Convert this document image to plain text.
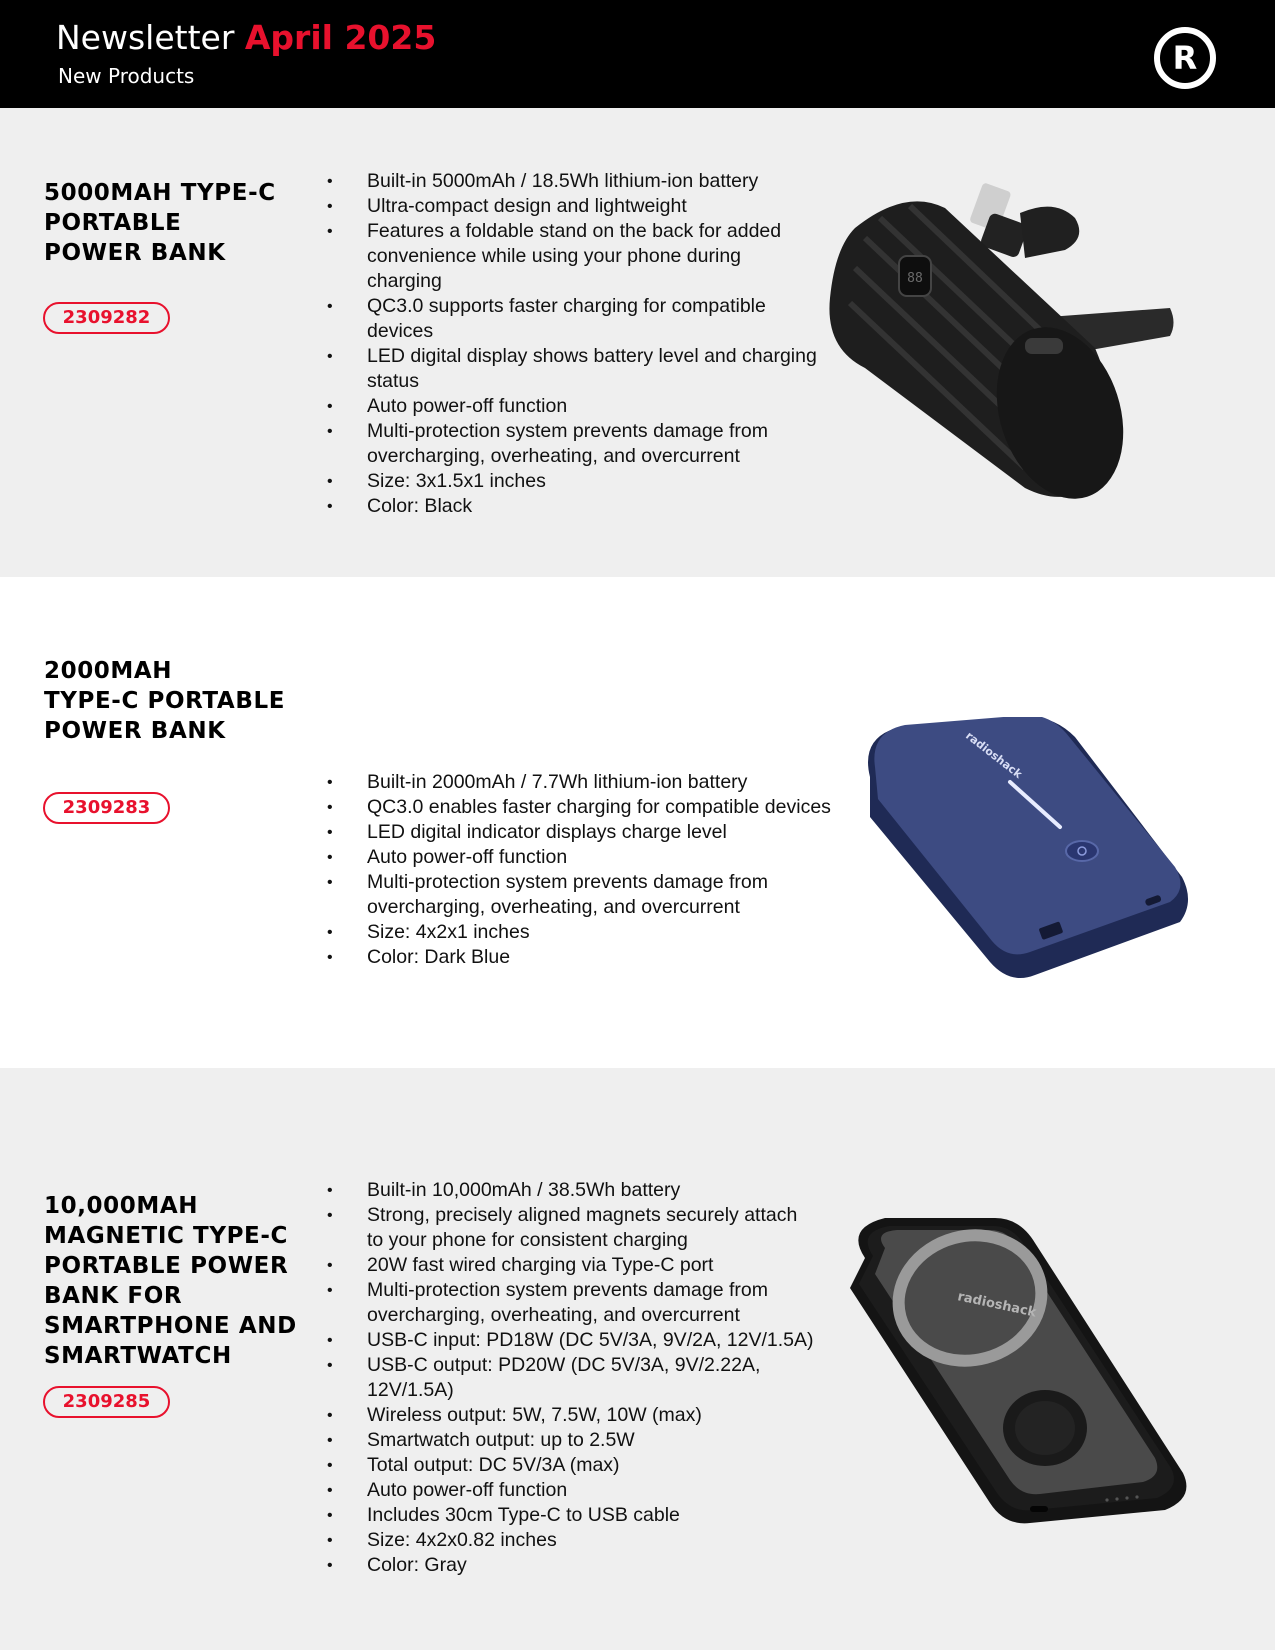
Newsletter April 2025
New Products	R
5000MAH TYPE-C
PORTABLE
POWER BANK
2309282
• Built-in 5000mAh / 18.5Wh lithium-ion battery
• Ultra-compact design and lightweight
• Features a foldable stand on the back for added convenience while using your phone during charging
• QC3.0 supports faster charging for compatible devices
• LED digital display shows battery level and charging status
• Auto power-off function
• Multi-protection system prevents damage from overcharging, overheating, and overcurrent
• Size: 3x1.5x1 inches
• Color: Black
88
2000MAH
TYPE-C PORTABLE
POWER BANK
2309283
• Built-in 2000mAh / 7.7Wh lithium-ion battery
• QC3.0 enables faster charging for compatible devices
• LED digital indicator displays charge level
• Auto power-off function
• Multi-protection system prevents damage from overcharging, overheating, and overcurrent
• Size: 4x2x1 inches
• Color: Dark Blue
radioshack
10,000MAH
MAGNETIC TYPE-C
PORTABLE POWER
BANK FOR
SMARTPHONE AND
SMARTWATCH
2309285
• Built-in 10,000mAh / 38.5Wh battery
• Strong, precisely aligned magnets securely attach to your phone for consistent charging
• 20W fast wired charging via Type-C port
• Multi-protection system prevents damage from overcharging, overheating, and overcurrent
• USB-C input: PD18W (DC 5V/3A, 9V/2A, 12V/1.5A)
• USB-C output: PD20W (DC 5V/3A, 9V/2.22A, 12V/1.5A)
• Wireless output: 5W, 7.5W, 10W (max)
• Smartwatch output: up to 2.5W
• Total output: DC 5V/3A (max)
• Auto power-off function
• Includes 30cm Type-C to USB cable
• Size: 4x2x0.82 inches
• Color: Gray
radioshack
